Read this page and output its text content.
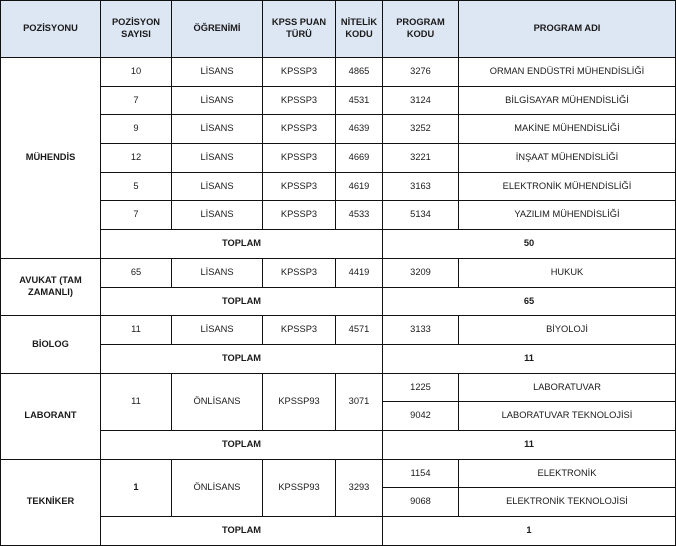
POZİSYONU	POZİSYON SAYISI	ÖĞRENİMİ	KPSS PUAN TÜRÜ	NİTELİK KODU	PROGRAM KODU	PROGRAM ADI
MÜHENDİS	10	LİSANS	KPSSP3	4865	3276	ORMAN ENDÜSTRİ MÜHENDİSLİĞİ
	7	LİSANS	KPSSP3	4531	3124	BİLGİSAYAR MÜHENDİSLİĞİ
	9	LİSANS	KPSSP3	4639	3252	MAKİNE MÜHENDİSLİĞİ
	12	LİSANS	KPSSP3	4669	3221	İNŞAAT MÜHENDİSLİĞİ
	5	LİSANS	KPSSP3	4619	3163	ELEKTRONİK MÜHENDİSLİĞİ
	7	LİSANS	KPSSP3	4533	5134	YAZILIM MÜHENDİSLİĞİ
	TOPLAM				50	
AVUKAT (TAM ZAMANLI)	65	LİSANS	KPSSP3	4419	3209	HUKUK
	TOPLAM				65	
BİOLOG	11	LİSANS	KPSSP3	4571	3133	BİYOLOJİ
	TOPLAM				11	
LABORANT	11	ÖNLİSANS	KPSSP93	3071	1225	LABORATUVAR
					9042	LABORATUVAR TEKNOLOJİSİ
	TOPLAM				11	
TEKNİKER	1	ÖNLİSANS	KPSSP93	3293	1154	ELEKTRONİK
					9068	ELEKTRONİK TEKNOLOJİSİ
	TOPLAM				1	
